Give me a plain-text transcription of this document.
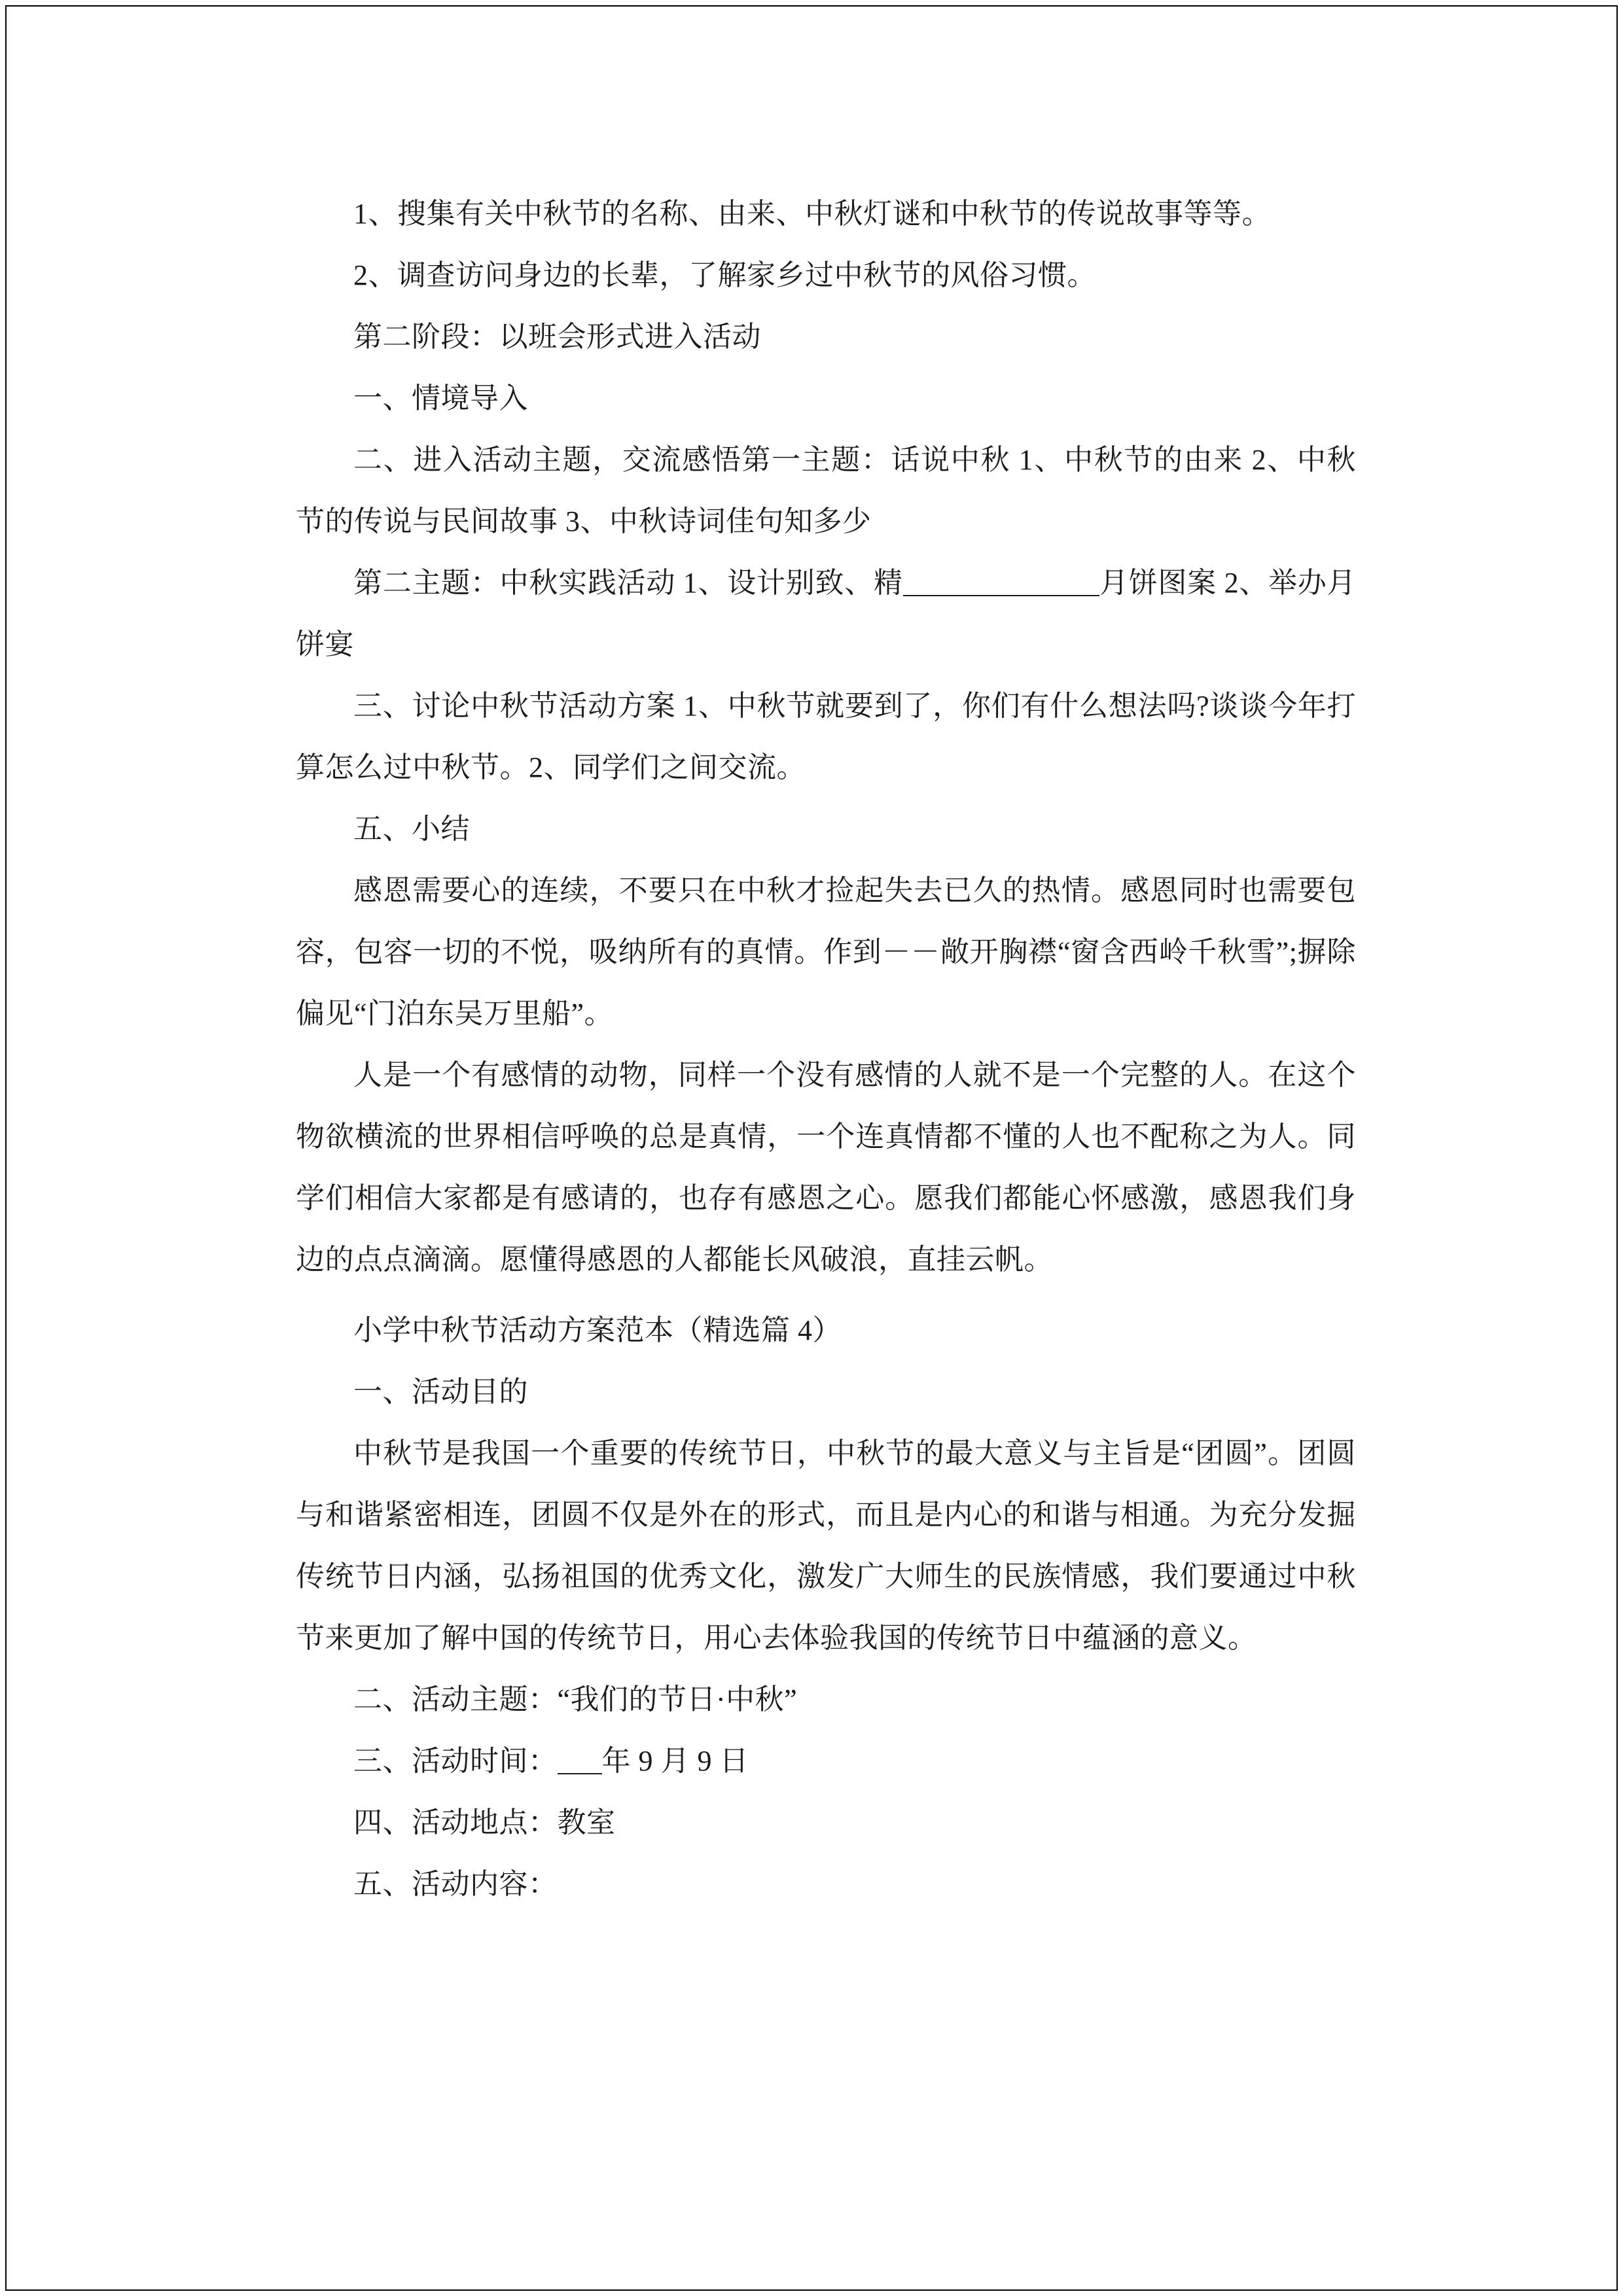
1、搜集有关中秋节的名称、由来、中秋灯谜和中秋节的传说故事等等。

2、调查访问身边的长辈，了解家乡过中秋节的风俗习惯。

第二阶段：以班会形式进入活动

一、情境导入

二、进入活动主题，交流感悟第一主题：话说中秋 1、中秋节的由来 2、中秋节的传说与民间故事 3、中秋诗词佳句知多少

第二主题：中秋实践活动 1、设计别致、精	月饼图案 2、举办月饼宴

三、讨论中秋节活动方案 1、中秋节就要到了，你们有什么想法吗?谈谈今年打算怎么过中秋节。2、同学们之间交流。

五、小结

感恩需要心的连续，不要只在中秋才捡起失去已久的热情。感恩同时也需要包容，包容一切的不悦，吸纳所有的真情。作到－－敞开胸襟“窗含西岭千秋雪”;摒除偏见“门泊东吴万里船”。

人是一个有感情的动物，同样一个没有感情的人就不是一个完整的人。在这个物欲横流的世界相信呼唤的总是真情，一个连真情都不懂的人也不配称之为人。同学们相信大家都是有感请的，也存有感恩之心。愿我们都能心怀感激，感恩我们身边的点点滴滴。愿懂得感恩的人都能长风破浪，直挂云帆。

小学中秋节活动方案范本（精选篇 4）

一、活动目的

中秋节是我国一个重要的传统节日，中秋节的最大意义与主旨是“团圆”。团圆与和谐紧密相连，团圆不仅是外在的形式，而且是内心的和谐与相通。为充分发掘传统节日内涵，弘扬祖国的优秀文化，激发广大师生的民族情感，我们要通过中秋节来更加了解中国的传统节日，用心去体验我国的传统节日中蕴涵的意义。

二、活动主题：“我们的节日·中秋”

三、活动时间： 年 9 月 9 日

四、活动地点：教室

五、活动内容：
